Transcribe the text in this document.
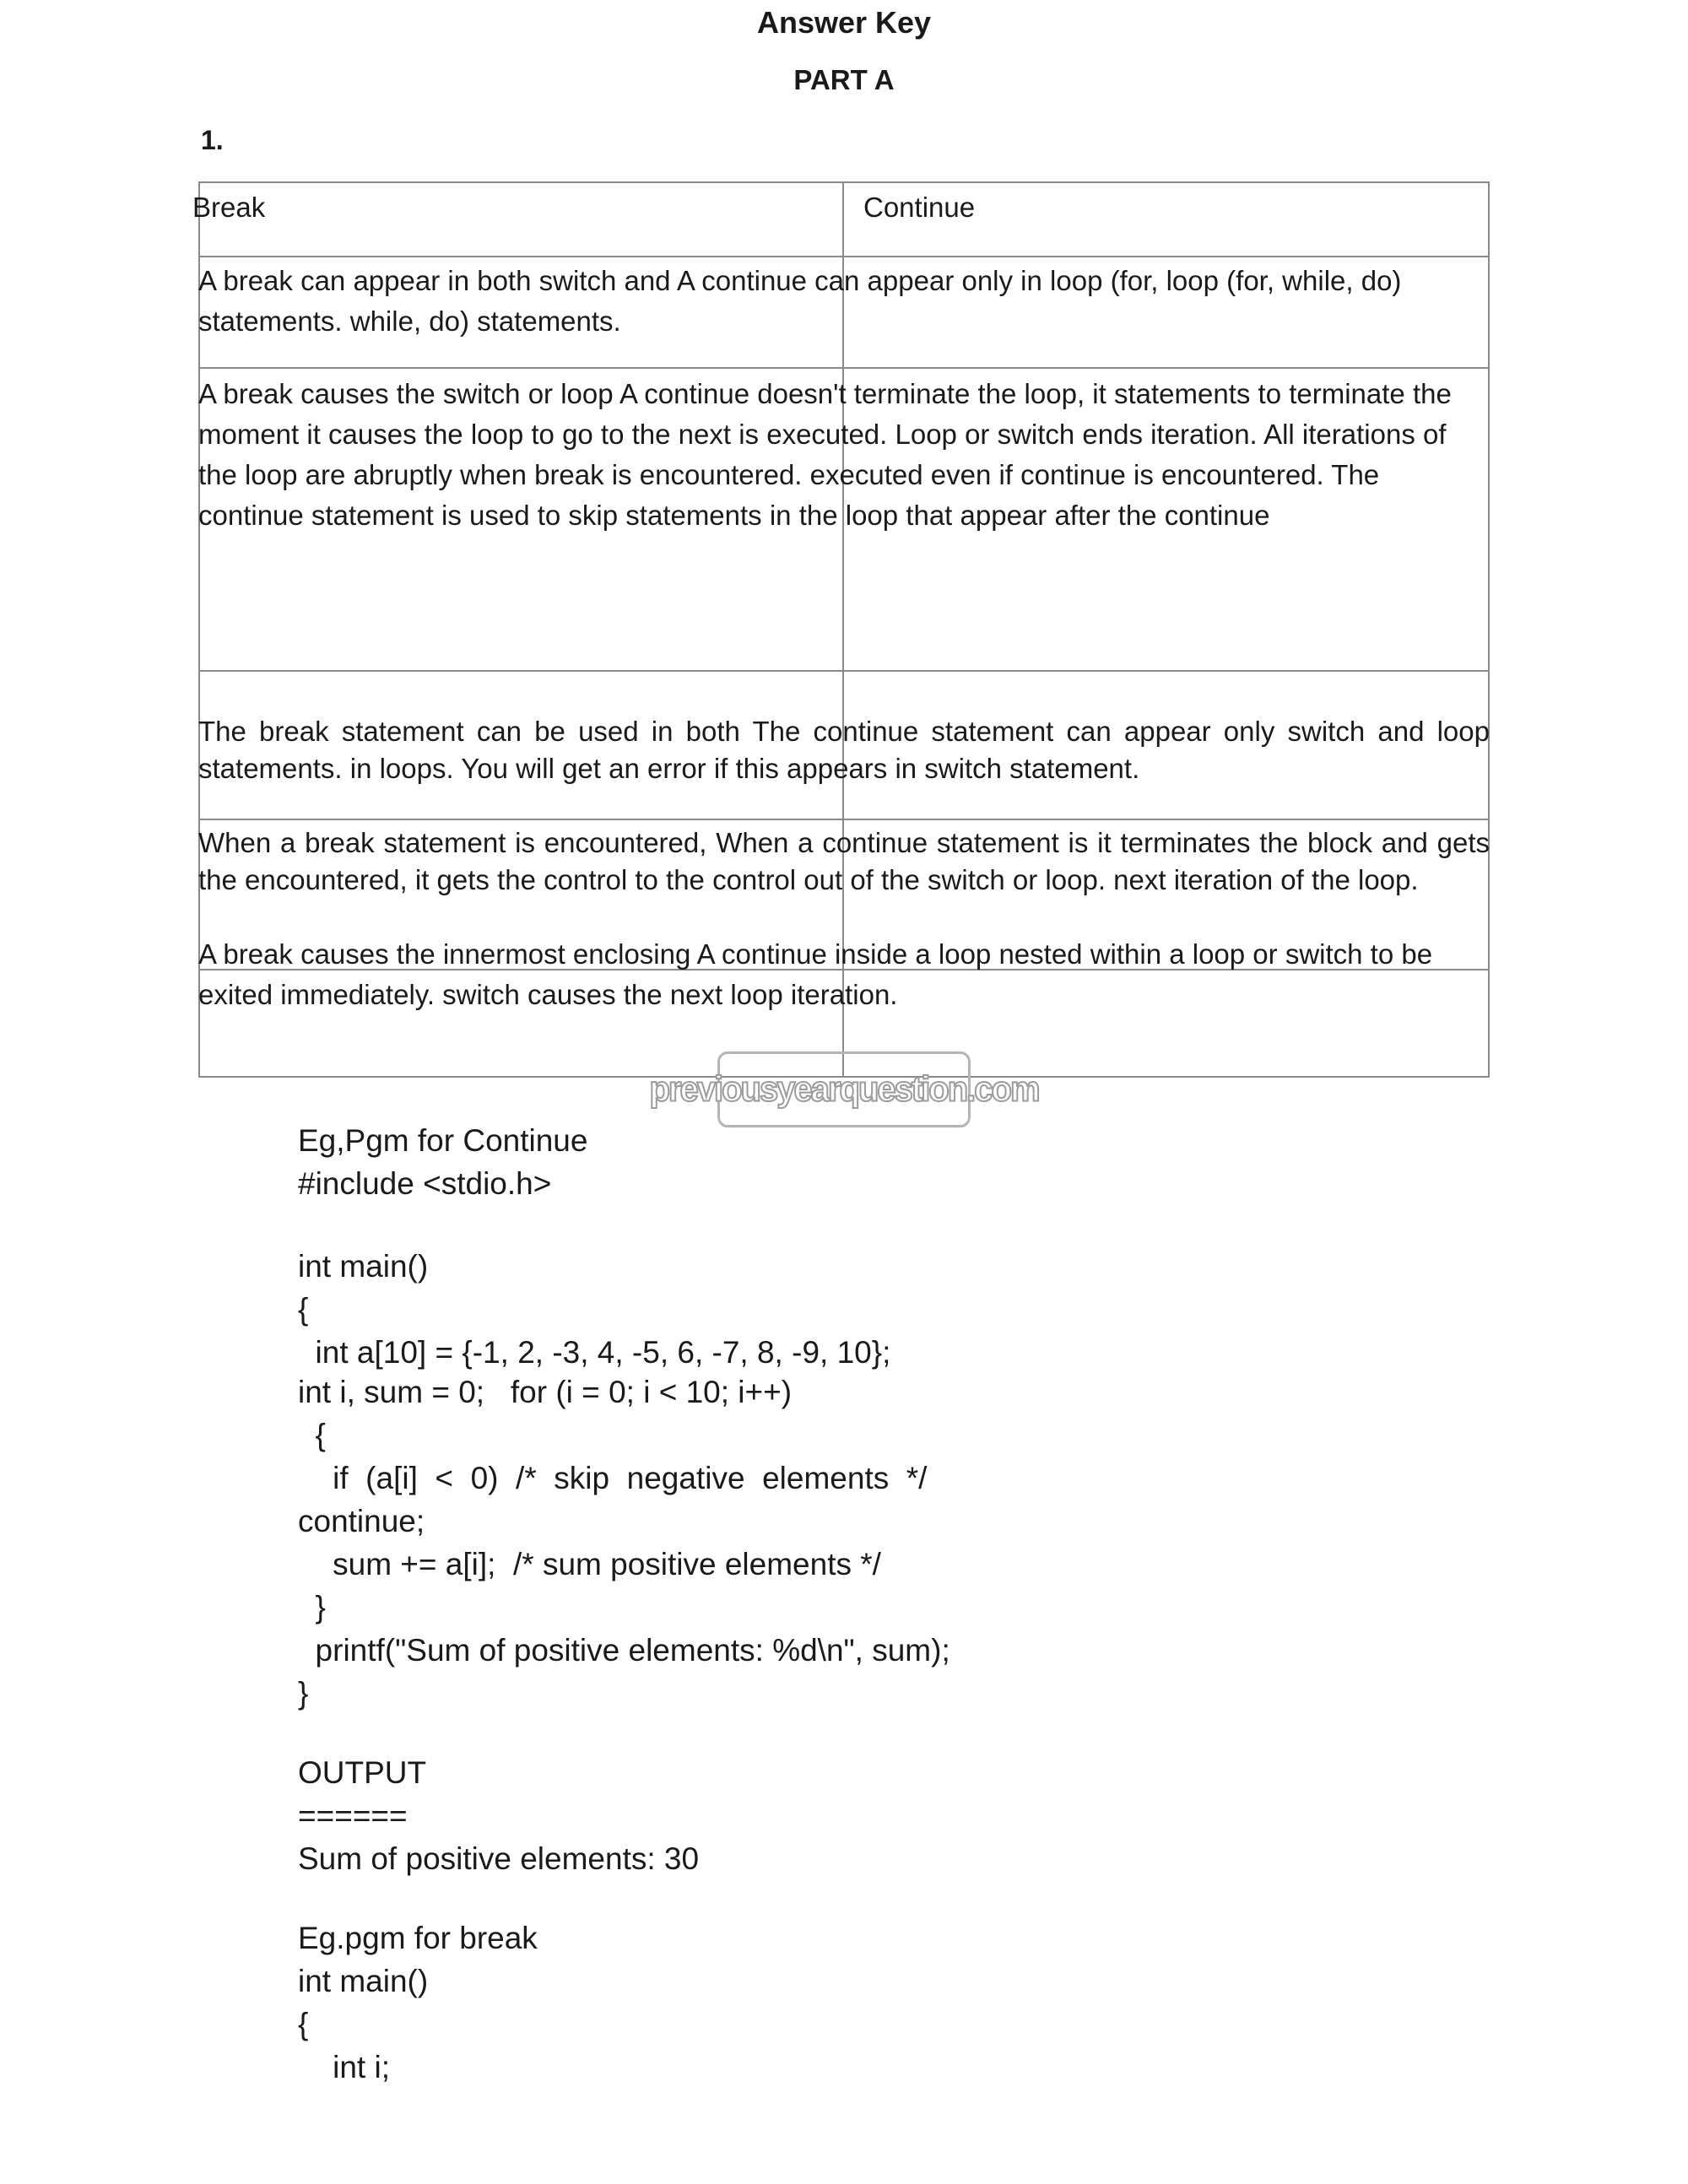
Answer Key
PART A
1.
Break	Continue
A break can appear in both switch and A continue can appear only in loop (for, loop (for, while, do)
statements. while, do) statements.
A break causes the switch or loop A continue doesn't terminate the loop, it statements to terminate the
moment it causes the loop to go to the next is executed. Loop or switch ends iteration. All iterations of
the loop are abruptly when break is encountered. executed even if continue is encountered. The
continue statement is used to skip statements in the loop that appear after the continue
The break statement can be used in both The continue statement can appear only switch and loop
statements. in loops. You will get an error if this appears in switch statement.
When a break statement is encountered, When a continue statement is it terminates the block and gets
the encountered, it gets the control to the control out of the switch or loop. next iteration of the loop.
A break causes the innermost enclosing A continue inside a loop nested within a loop or switch to be
exited immediately. switch causes the next loop iteration.
previousyearquestion.com
Eg,Pgm for Continue
#include <stdio.h>
int main()
{
int a[10] = {-1, 2, -3, 4, -5, 6, -7, 8, -9, 10};
int i, sum = 0;   for (i = 0; i < 10; i++)
{
if  (a[i]  <  0)  /*  skip  negative  elements  */
continue;
sum += a[i];  /* sum positive elements */
}
printf("Sum of positive elements: %d\n", sum);
}
OUTPUT
======
Sum of positive elements: 30
Eg.pgm for break
int main()
{
int i;
